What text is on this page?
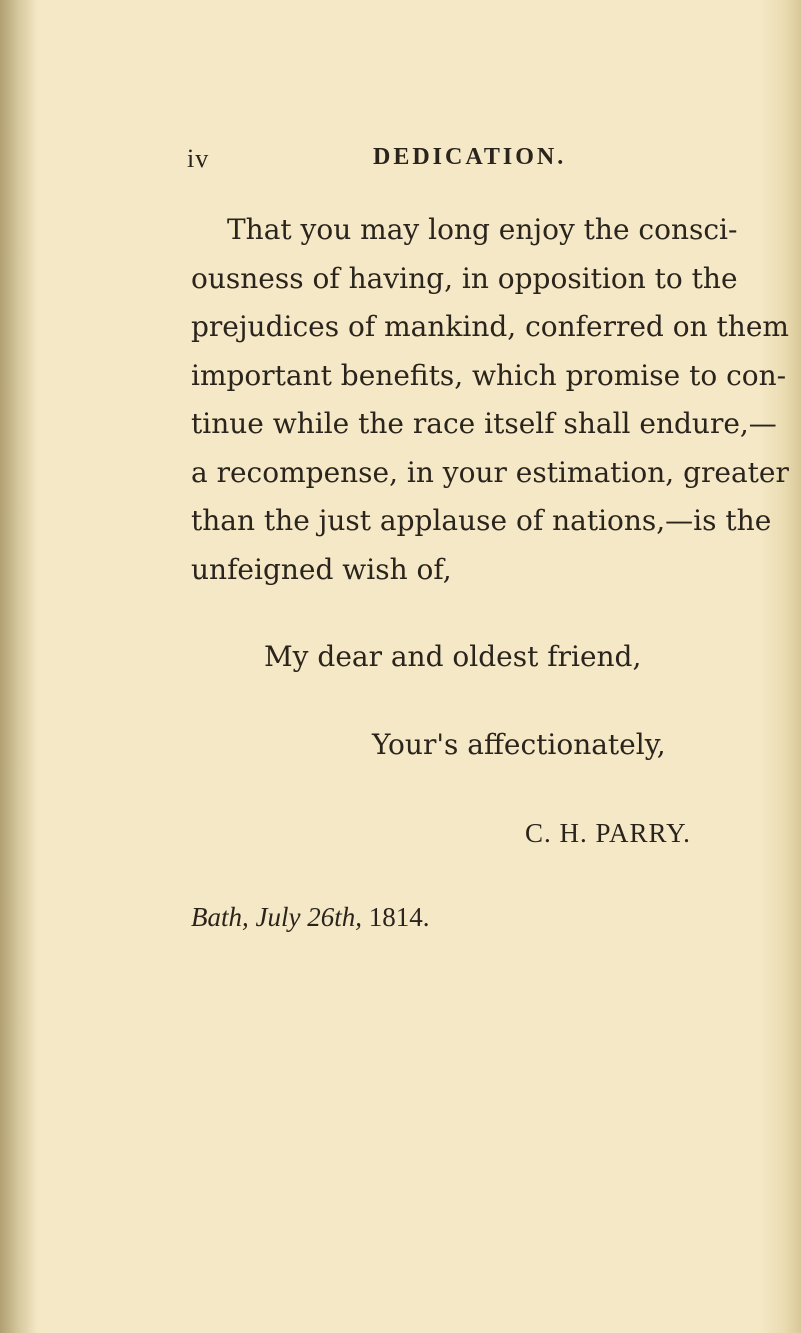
iv	DEDICATION.
That you may long enjoy the consci-
ousness of having, in opposition to the
prejudices of mankind, conferred on them
important benefits, which promise to con-
tinue while the race itself shall endure,—
a recompense, in your estimation, greater
than the just applause of nations,—is the
unfeigned wish of,
My dear and oldest friend,
Your's affectionately,
C. H. PARRY.
Bath, July 26th, 1814.
